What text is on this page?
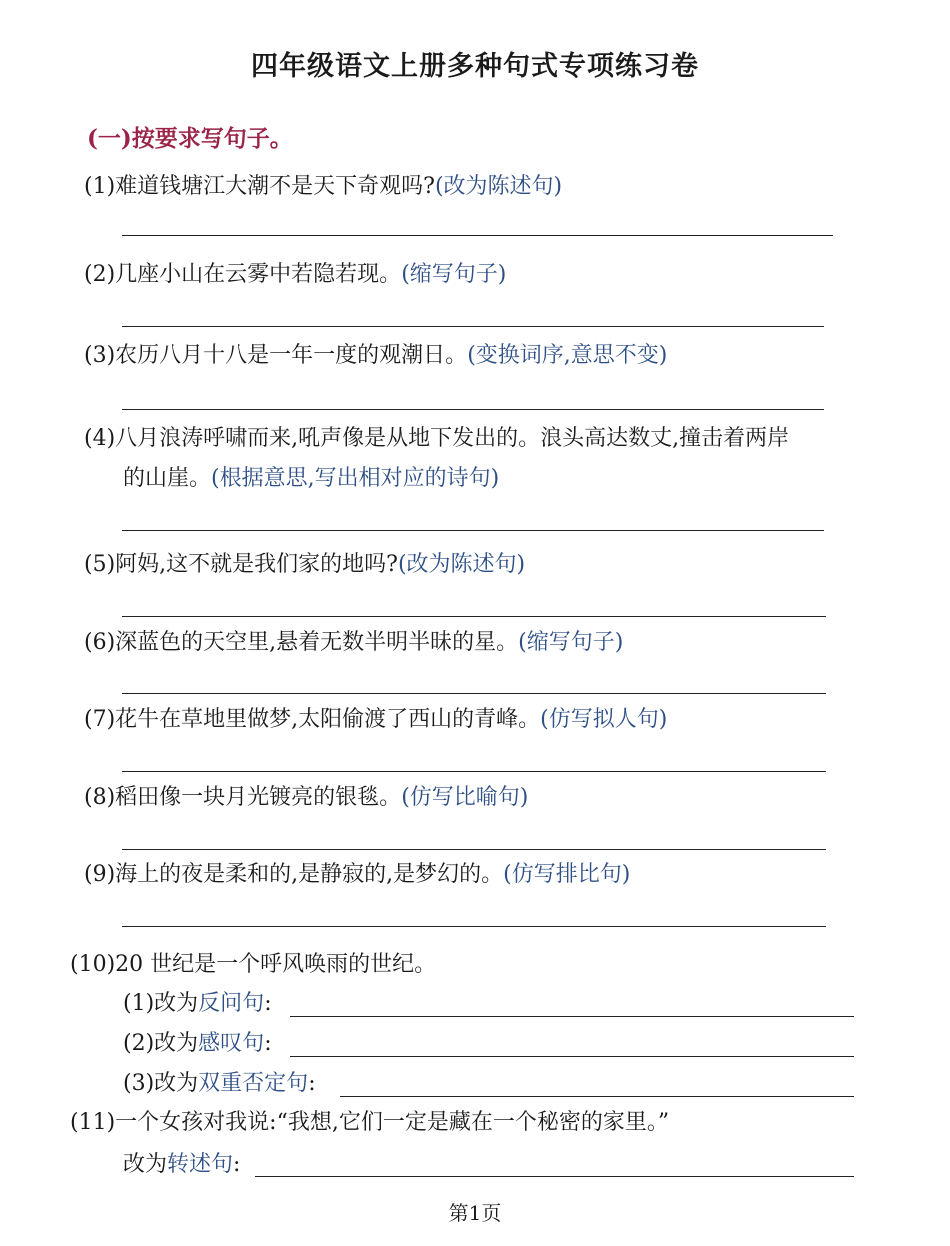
四年级语文上册多种句式专项练习卷
(一)按要求写句子。
(1)难道钱塘江大潮不是天下奇观吗?(改为陈述句)
(2)几座小山在云雾中若隐若现。(缩写句子)
(3)农历八月十八是一年一度的观潮日。(变换词序,意思不变)
(4)八月浪涛呼啸而来,吼声像是从地下发出的。浪头高达数丈,撞击着两岸
的山崖。(根据意思,写出相对应的诗句)
(5)阿妈,这不就是我们家的地吗?(改为陈述句)
(6)深蓝色的天空里,悬着无数半明半昧的星。(缩写句子)
(7)花牛在草地里做梦,太阳偷渡了西山的青峰。(仿写拟人句)
(8)稻田像一块月光镀亮的银毯。(仿写比喻句)
(9)海上的夜是柔和的,是静寂的,是梦幻的。(仿写排比句)
(10)20 世纪是一个呼风唤雨的世纪。
(1)改为反问句:
(2)改为感叹句:
(3)改为双重否定句:
(11)一个女孩对我说:“我想,它们一定是藏在一个秘密的家里。”
改为转述句:
第1页
